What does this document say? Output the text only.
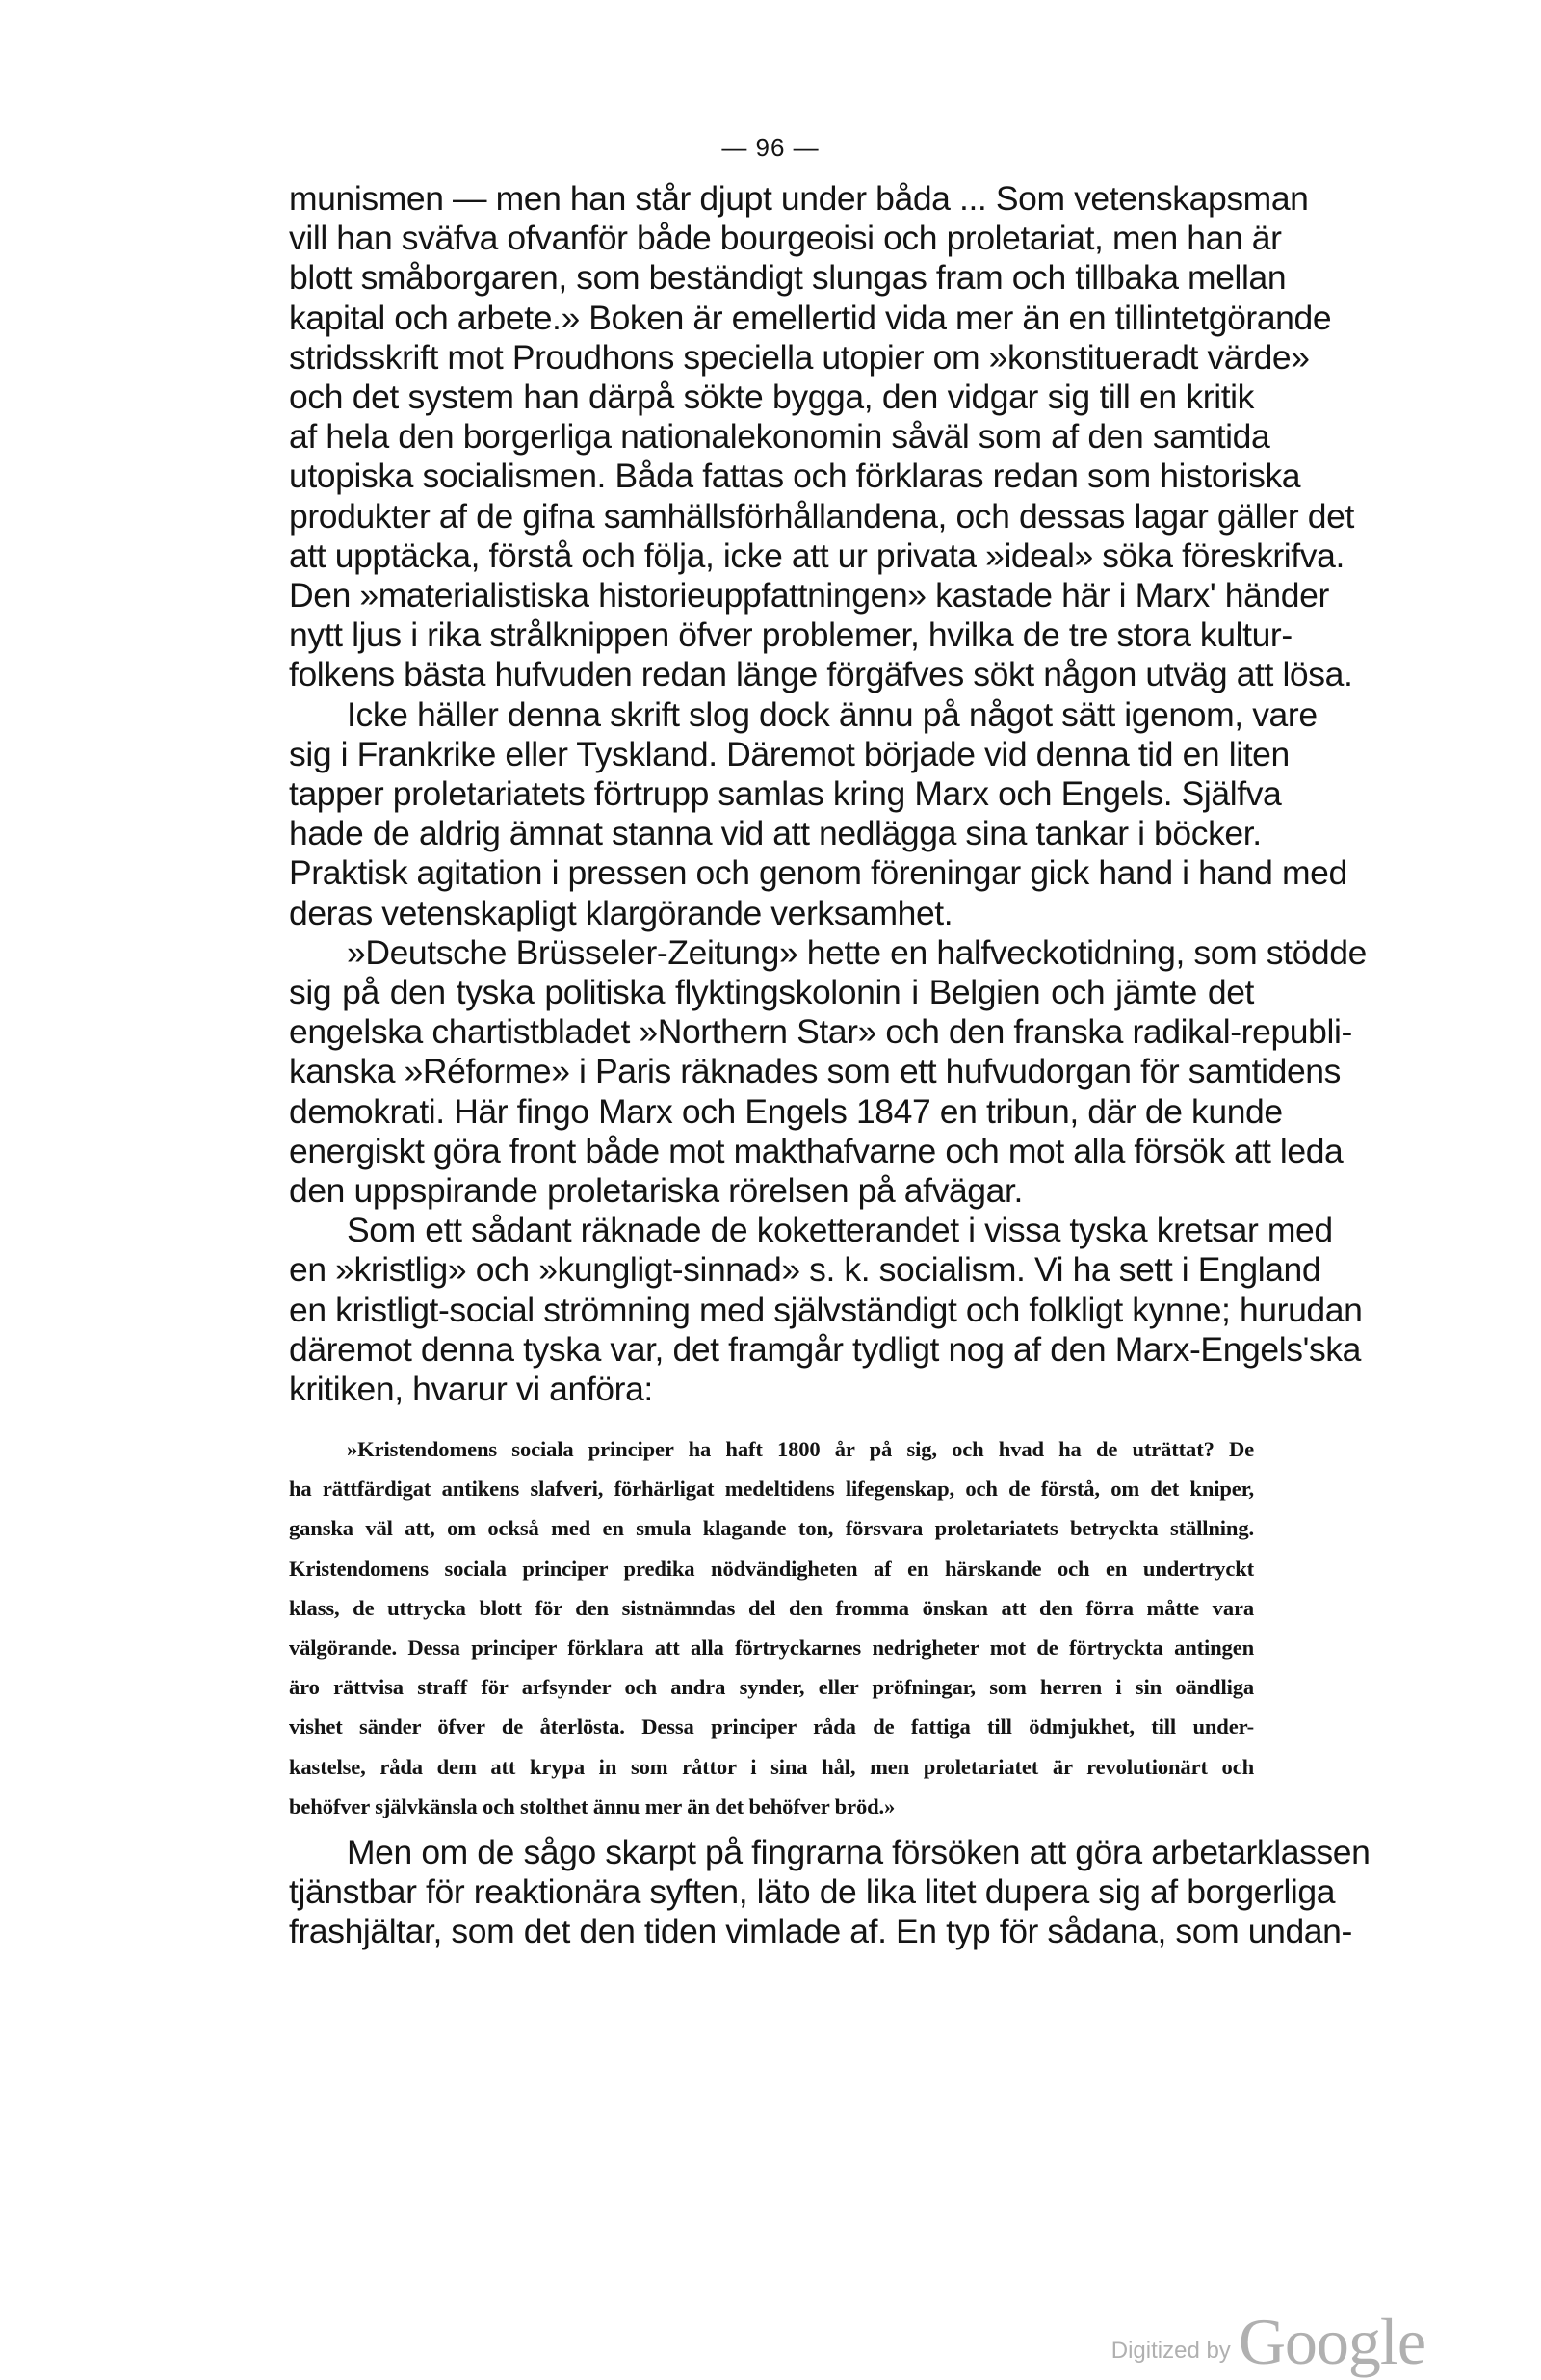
— 96 —
munismen — men han står djupt under båda ... Som vetenskapsman
vill han sväfva ofvanför både bourgeoisi och proletariat, men han är
blott småborgaren, som beständigt slungas fram och tillbaka mellan
kapital och arbete.» Boken är emellertid vida mer än en tillintetgörande
stridsskrift mot Proudhons speciella utopier om »konstitueradt värde»
och det system han därpå sökte bygga, den vidgar sig till en kritik
af hela den borgerliga nationalekonomin såväl som af den samtida
utopiska socialismen. Båda fattas och förklaras redan som historiska
produkter af de gifna samhällsförhållandena, och dessas lagar gäller det
att upptäcka, förstå och följa, icke att ur privata »ideal» söka föreskrifva.
Den »materialistiska historieuppfattningen» kastade här i Marx' händer
nytt ljus i rika strålknippen öfver problemer, hvilka de tre stora kultur-
folkens bästa hufvuden redan länge förgäfves sökt någon utväg att lösa.
Icke häller denna skrift slog dock ännu på något sätt igenom, vare
sig i Frankrike eller Tyskland. Däremot började vid denna tid en liten
tapper proletariatets förtrupp samlas kring Marx och Engels. Själfva
hade de aldrig ämnat stanna vid att nedlägga sina tankar i böcker.
Praktisk agitation i pressen och genom föreningar gick hand i hand med
deras vetenskapligt klargörande verksamhet.
»Deutsche Brüsseler-Zeitung» hette en halfveckotidning, som stödde
sig på den tyska politiska flyktingskolonin i Belgien och jämte det
engelska chartistbladet »Northern Star» och den franska radikal-republi-
kanska »Réforme» i Paris räknades som ett hufvudorgan för samtidens
demokrati. Här fingo Marx och Engels 1847 en tribun, där de kunde
energiskt göra front både mot makthafvarne och mot alla försök att leda
den uppspirande proletariska rörelsen på afvägar.
Som ett sådant räknade de koketterandet i vissa tyska kretsar med
en »kristlig» och »kungligt-sinnad» s. k. socialism. Vi ha sett i England
en kristligt-social strömning med självständigt och folkligt kynne; hurudan
däremot denna tyska var, det framgår tydligt nog af den Marx-Engels'ska
kritiken, hvarur vi anföra:
»Kristendomens sociala principer ha haft 1800 år på sig, och hvad ha de uträttat? De
ha rättfärdigat antikens slafveri, förhärligat medeltidens lifegenskap, och de förstå, om det kniper,
ganska väl att, om också med en smula klagande ton, försvara proletariatets betryckta ställning.
Kristendomens sociala principer predika nödvändigheten af en härskande och en undertryckt
klass, de uttrycka blott för den sistnämndas del den fromma önskan att den förra måtte vara
välgörande. Dessa principer förklara att alla förtryckarnes nedrigheter mot de förtryckta antingen
äro rättvisa straff för arfsynder och andra synder, eller pröfningar, som herren i sin oändliga
vishet sänder öfver de återlösta. Dessa principer råda de fattiga till ödmjukhet, till under-
kastelse, råda dem att krypa in som råttor i sina hål, men proletariatet är revolutionärt och
behöfver självkänsla och stolthet ännu mer än det behöfver bröd.»
Men om de sågo skarpt på fingrarna försöken att göra arbetarklassen
tjänstbar för reaktionära syften, läto de lika litet dupera sig af borgerliga
frashjältar, som det den tiden vimlade af. En typ för sådana, som undan-
Digitized by Google
